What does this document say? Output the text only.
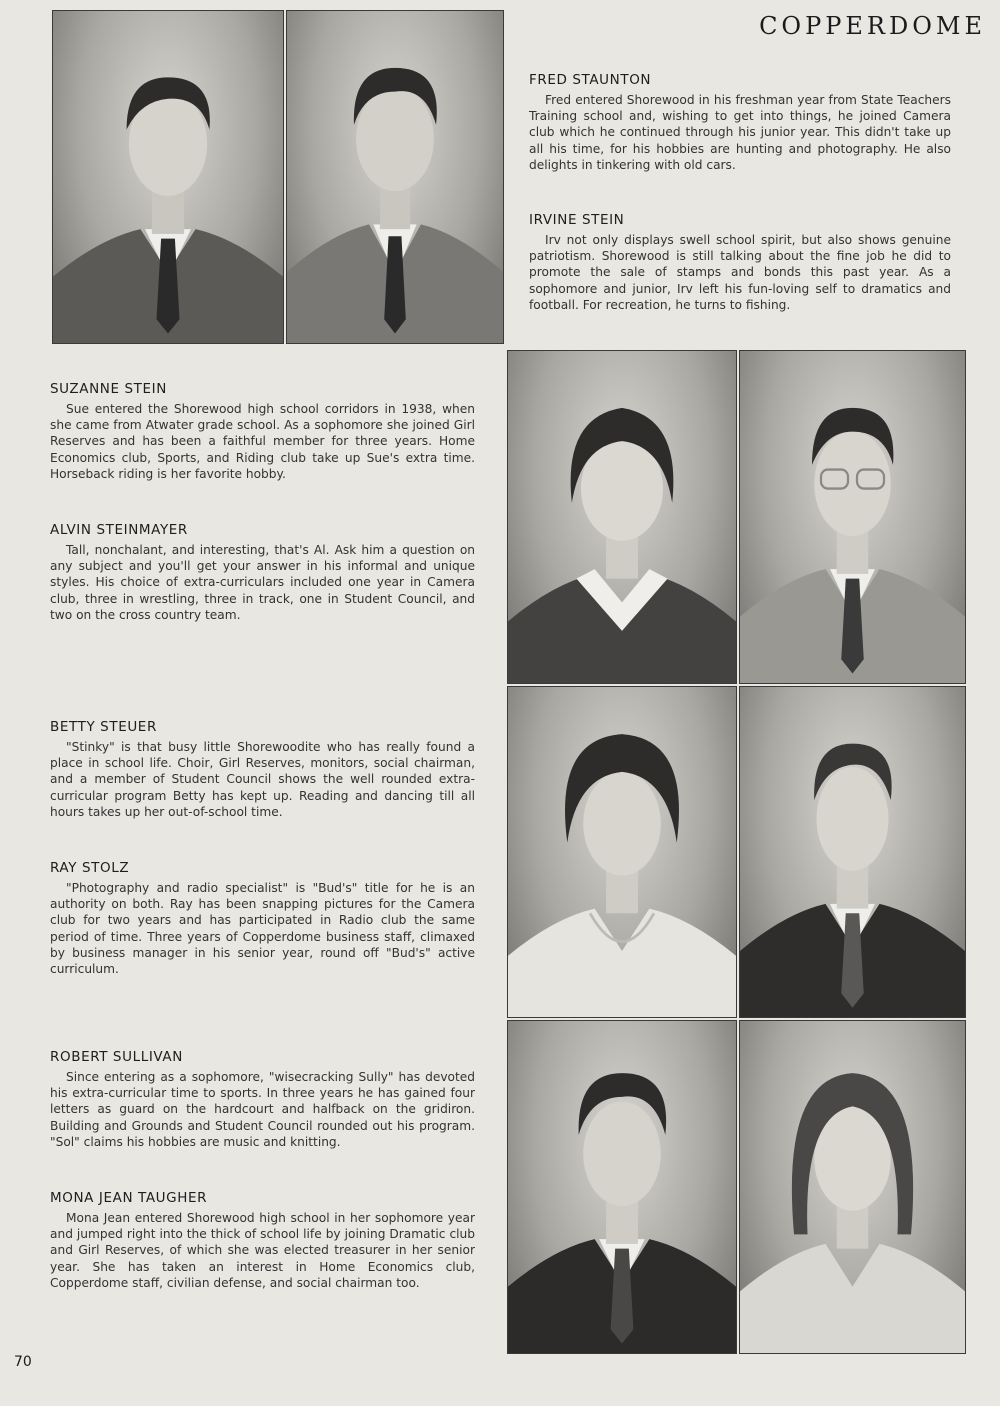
COPPERDOME
FRED STAUNTON

Fred entered Shorewood in his freshman year from State Teachers Training school and, wishing to get into things, he joined Camera club which he continued through his junior year. This didn't take up all his time, for his hobbies are hunting and photography. He also delights in tinkering with old cars.

IRVINE STEIN

Irv not only displays swell school spirit, but also shows genuine patriotism. Shorewood is still talking about the fine job he did to promote the sale of stamps and bonds this past year. As a sophomore and junior, Irv left his fun-loving self to dramatics and football. For recreation, he turns to fishing.

SUZANNE STEIN

Sue entered the Shorewood high school corridors in 1938, when she came from Atwater grade school. As a sophomore she joined Girl Reserves and has been a faithful member for three years. Home Economics club, Sports, and Riding club take up Sue's extra time. Horseback riding is her favorite hobby.

ALVIN STEINMAYER

Tall, nonchalant, and interesting, that's Al. Ask him a question on any subject and you'll get your answer in his informal and unique styles. His choice of extra-curriculars included one year in Camera club, three in wrestling, three in track, one in Student Council, and two on the cross country team.

BETTY STEUER

"Stinky" is that busy little Shorewoodite who has really found a place in school life. Choir, Girl Reserves, monitors, social chairman, and a member of Student Council shows the well rounded extra-curricular program Betty has kept up. Reading and dancing till all hours takes up her out-of-school time.

RAY STOLZ

"Photography and radio specialist" is "Bud's" title for he is an authority on both. Ray has been snapping pictures for the Camera club for two years and has participated in Radio club the same period of time. Three years of Copperdome business staff, climaxed by business manager in his senior year, round off "Bud's" active curriculum.

ROBERT SULLIVAN

Since entering as a sophomore, "wisecracking Sully" has devoted his extra-curricular time to sports. In three years he has gained four letters as guard on the hardcourt and halfback on the gridiron. Building and Grounds and Student Council rounded out his program. "Sol" claims his hobbies are music and knitting.

MONA JEAN TAUGHER

Mona Jean entered Shorewood high school in her sophomore year and jumped right into the thick of school life by joining Dramatic club and Girl Reserves, of which she was elected treasurer in her senior year. She has taken an interest in Home Economics club, Copperdome staff, civilian defense, and social chairman too.

70
